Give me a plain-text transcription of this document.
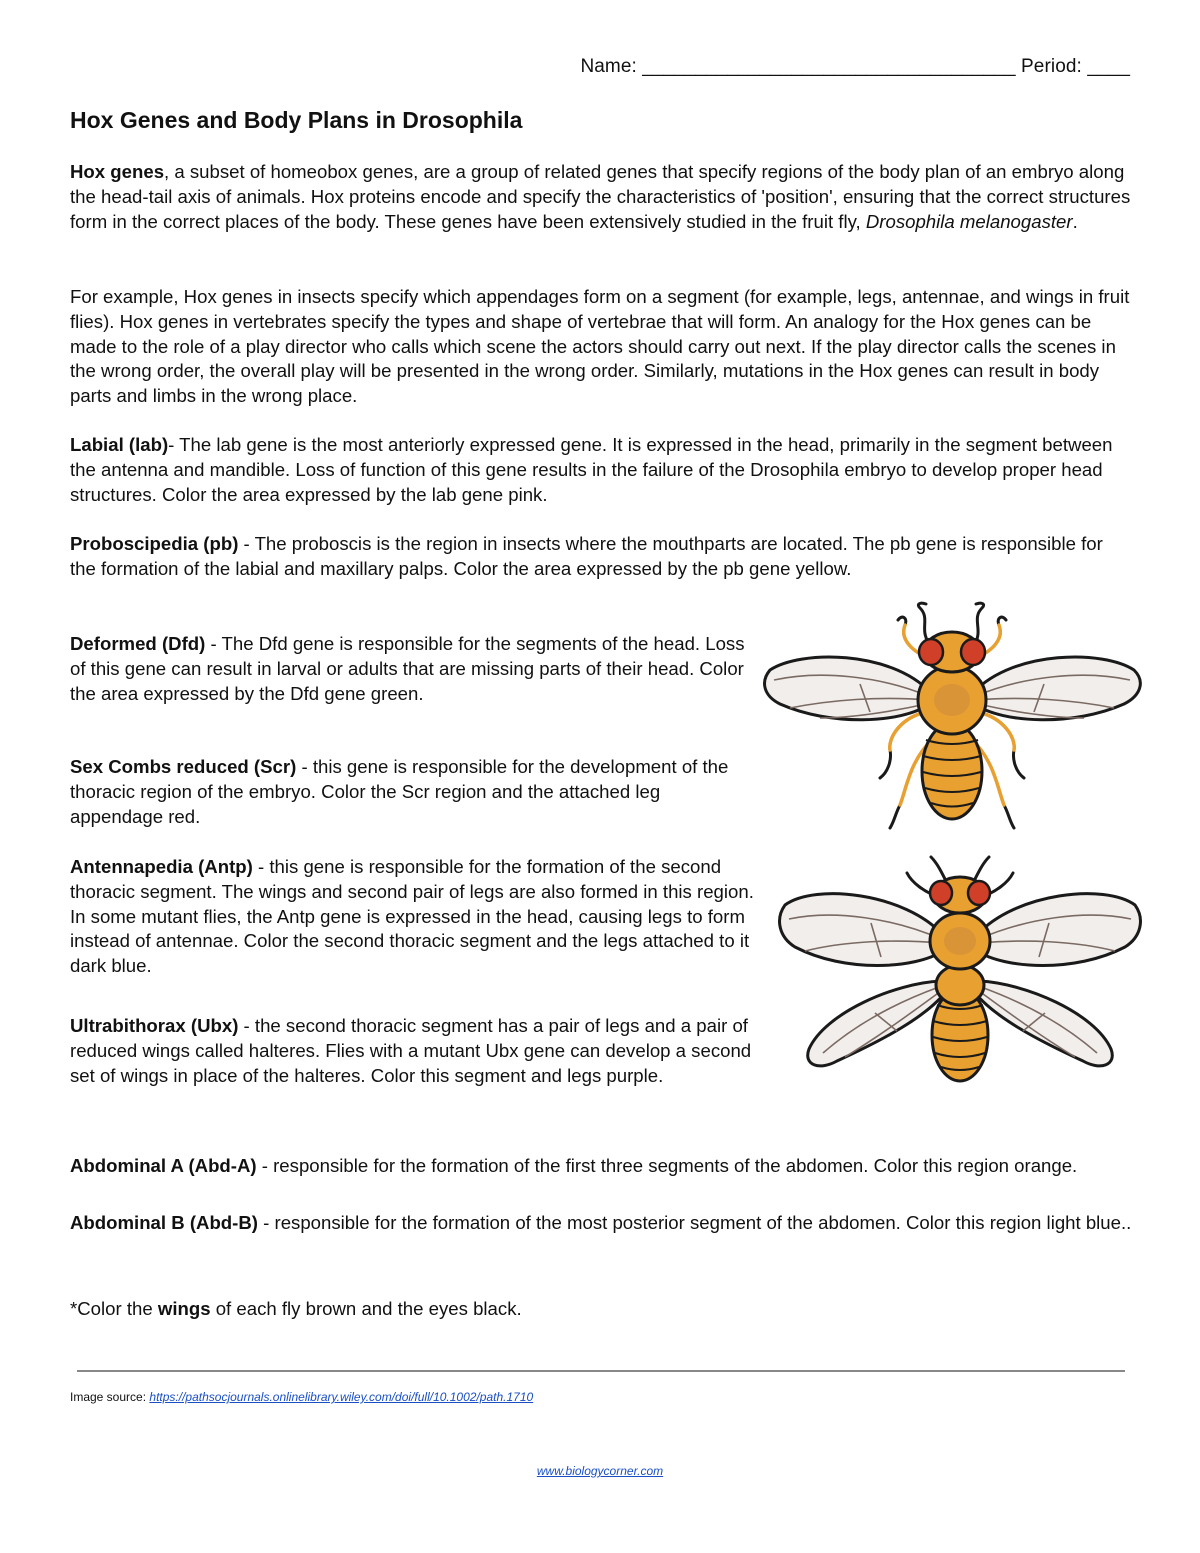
Name: ___________________________________ Period: ____
Hox Genes and Body Plans in Drosophila

Hox genes, a subset of homeobox genes, are a group of related genes that specify regions of the body plan of an embryo along the head-tail axis of animals. Hox proteins encode and specify the characteristics of 'position', ensuring that the correct structures form in the correct places of the body. These genes have been extensively studied in the fruit fly, Drosophila melanogaster.

For example, Hox genes in insects specify which appendages form on a segment (for example, legs, antennae, and wings in fruit flies). Hox genes in vertebrates specify the types and shape of vertebrae that will form. An analogy for the Hox genes can be made to the role of a play director who calls which scene the actors should carry out next. If the play director calls the scenes in the wrong order, the overall play will be presented in the wrong order. Similarly, mutations in the Hox genes can result in body parts and limbs in the wrong place.

Labial (lab)- The lab gene is the most anteriorly expressed gene. It is expressed in the head, primarily in the segment between the antenna and mandible. Loss of function of this gene results in the failure of the Drosophila embryo to develop proper head structures. Color the area expressed by the lab gene pink.

Proboscipedia (pb) - The proboscis is the region in insects where the mouthparts are located. The pb gene is responsible for the formation of the labial and maxillary palps. Color the area expressed by the pb gene yellow.

Deformed (Dfd) - The Dfd gene is responsible for the segments of the head. Loss of this gene can result in larval or adults that are missing parts of their head. Color the area expressed by the Dfd gene green.

Sex Combs reduced (Scr) - this gene is responsible for the development of the thoracic region of the embryo. Color the Scr region and the attached leg appendage red.

Antennapedia (Antp) - this gene is responsible for the formation of the second thoracic segment. The wings and second pair of legs are also formed in this region. In some mutant flies, the Antp gene is expressed in the head, causing legs to form instead of antennae. Color the second thoracic segment and the legs attached to it dark blue.

Ultrabithorax (Ubx) - the second thoracic segment has a pair of legs and a pair of reduced wings called halteres. Flies with a mutant Ubx gene can develop a second set of wings in place of the halteres. Color this segment and legs purple.

Abdominal A (Abd-A) - responsible for the formation of the first three segments of the abdomen. Color this region orange.

Abdominal B (Abd-B) - responsible for the formation of the most posterior segment of the abdomen. Color this region light blue..

*Color the wings of each fly brown and the eyes black.

Image source: https://pathsocjournals.onlinelibrary.wiley.com/doi/full/10.1002/path.1710
www.biologycorner.com
